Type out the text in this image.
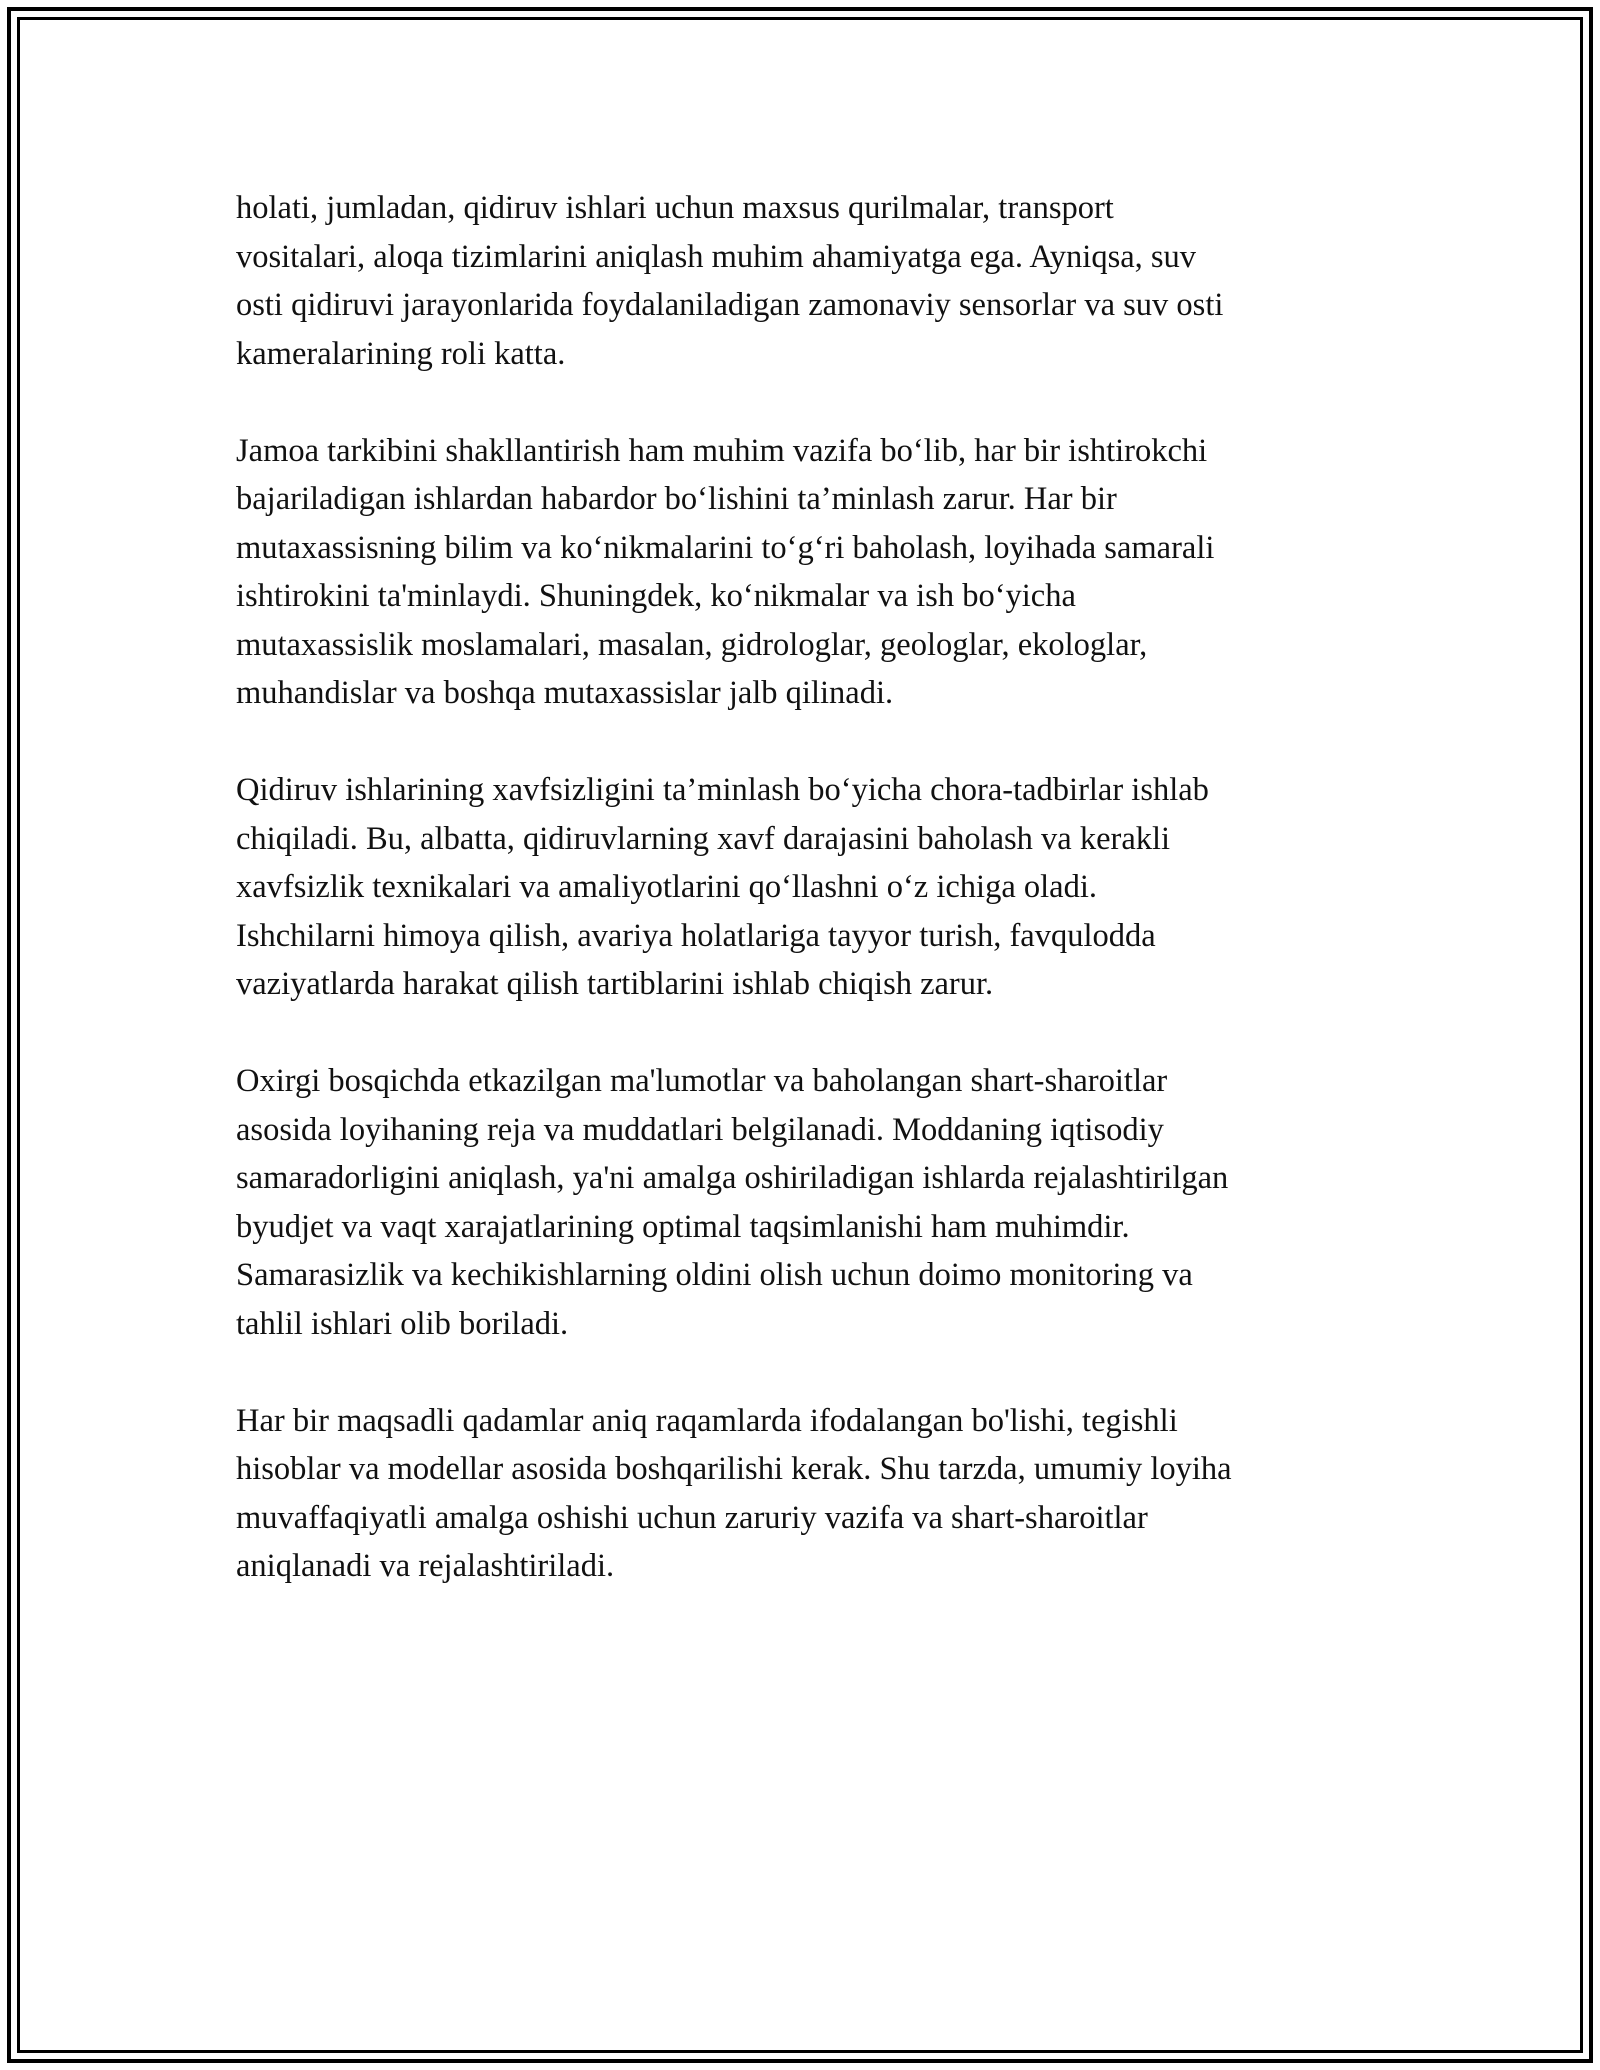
holati, jumladan, qidiruv ishlari uchun maxsus qurilmalar, transport
vositalari, aloqa tizimlarini aniqlash muhim ahamiyatga ega. Ayniqsa, suv
osti qidiruvi jarayonlarida foydalaniladigan zamonaviy sensorlar va suv osti
kameralarining roli katta.

Jamoa tarkibini shakllantirish ham muhim vazifa bo‘lib, har bir ishtirokchi
bajariladigan ishlardan habardor bo‘lishini ta’minlash zarur. Har bir
mutaxassisning bilim va ko‘nikmalarini to‘g‘ri baholash, loyihada samarali
ishtirokini ta'minlaydi. Shuningdek, ko‘nikmalar va ish bo‘yicha
mutaxassislik moslamalari, masalan, gidrologlar, geologlar, ekologlar,
muhandislar va boshqa mutaxassislar jalb qilinadi.

Qidiruv ishlarining xavfsizligini ta’minlash bo‘yicha chora-tadbirlar ishlab
chiqiladi. Bu, albatta, qidiruvlarning xavf darajasini baholash va kerakli
xavfsizlik texnikalari va amaliyotlarini qo‘llashni o‘z ichiga oladi.
Ishchilarni himoya qilish, avariya holatlariga tayyor turish, favqulodda
vaziyatlarda harakat qilish tartiblarini ishlab chiqish zarur.

Oxirgi bosqichda etkazilgan ma'lumotlar va baholangan shart-sharoitlar
asosida loyihaning reja va muddatlari belgilanadi. Moddaning iqtisodiy
samaradorligini aniqlash, ya'ni amalga oshiriladigan ishlarda rejalashtirilgan
byudjet va vaqt xarajatlarining optimal taqsimlanishi ham muhimdir.
Samarasizlik va kechikishlarning oldini olish uchun doimo monitoring va
tahlil ishlari olib boriladi.

Har bir maqsadli qadamlar aniq raqamlarda ifodalangan bo'lishi, tegishli
hisoblar va modellar asosida boshqarilishi kerak. Shu tarzda, umumiy loyiha
muvaffaqiyatli amalga oshishi uchun zaruriy vazifa va shart-sharoitlar
aniqlanadi va rejalashtiriladi.
